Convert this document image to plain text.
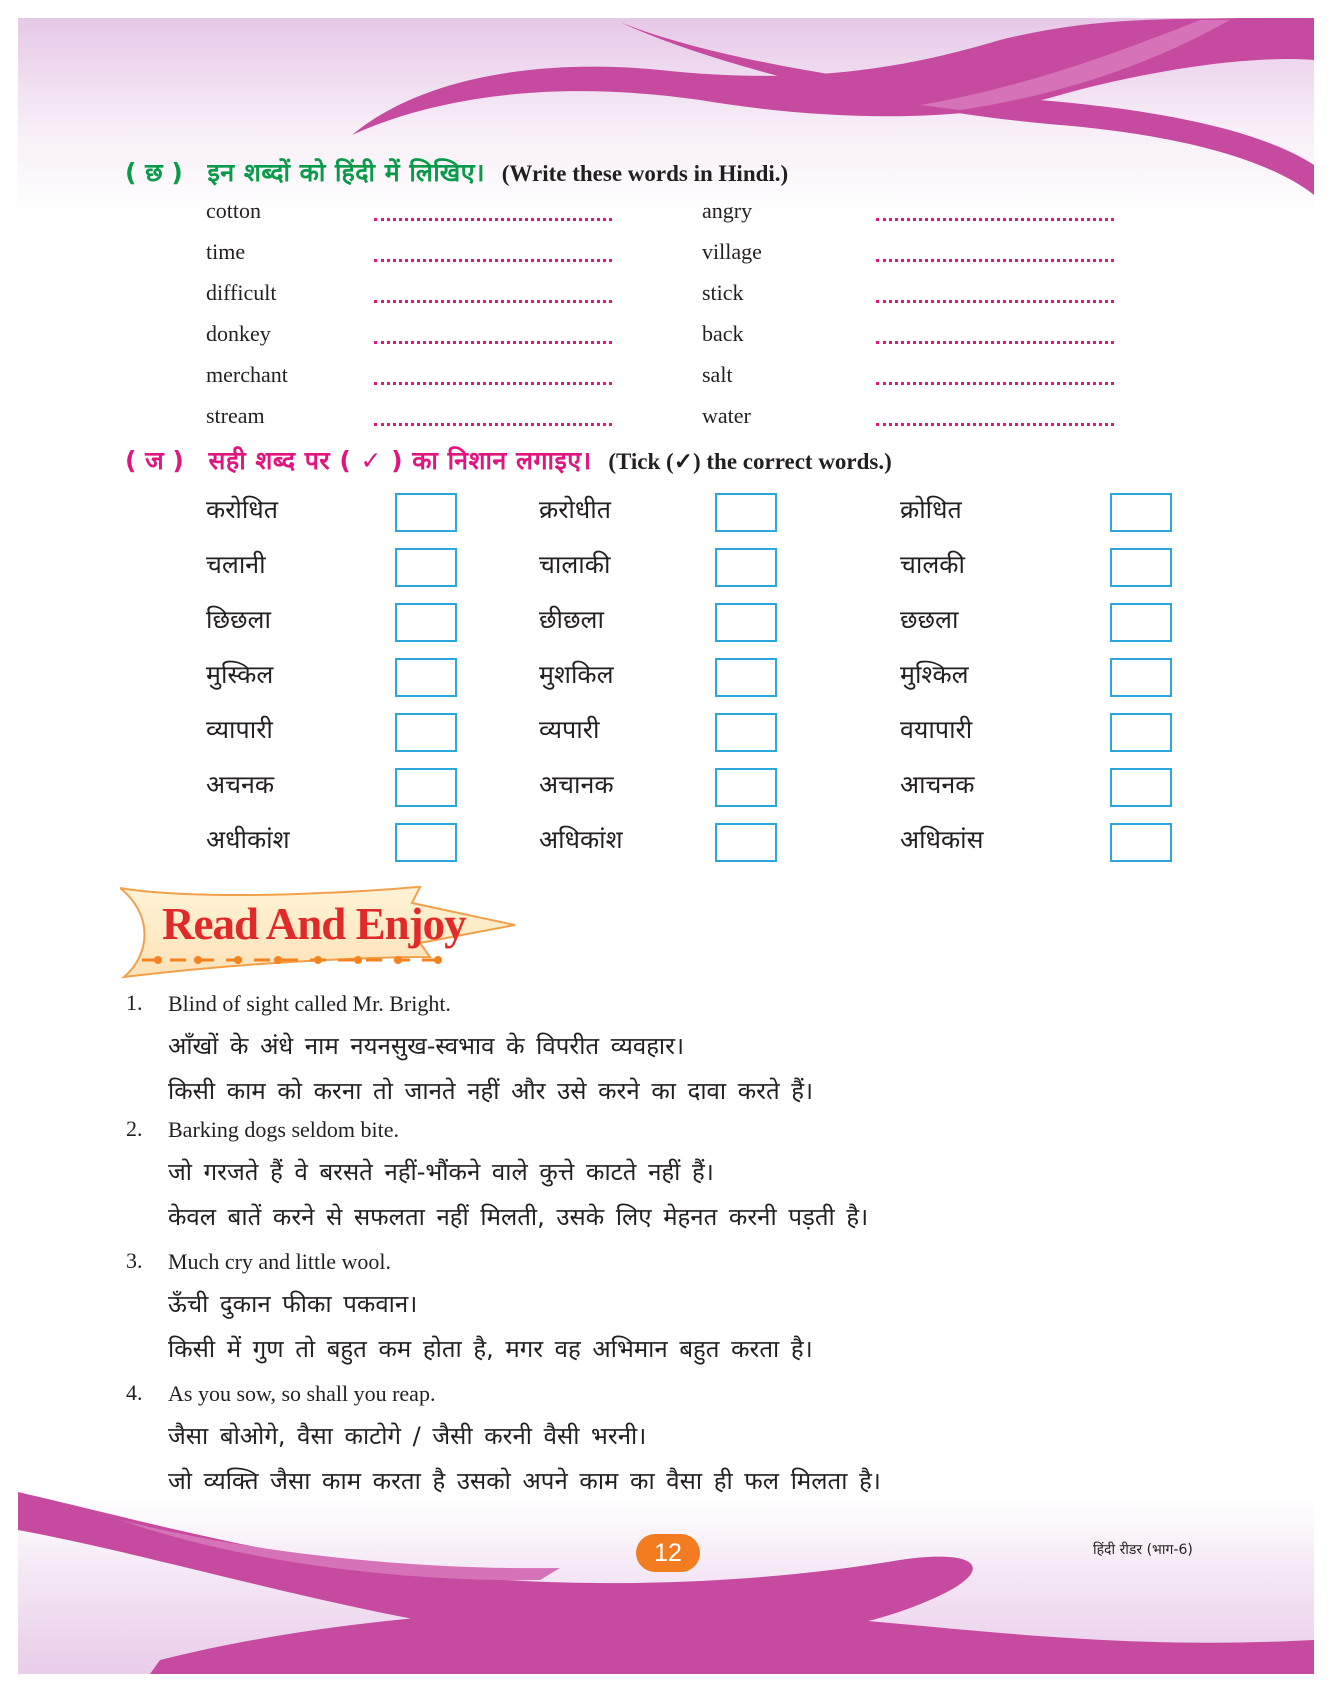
( छ ) इन शब्दों को हिंदी में लिखिए। (Write these words in Hindi.)
cotton	angry
time	village
difficult	stick
donkey	back
merchant	salt
stream	water
( ज ) सही शब्द पर ( ✓ ) का निशान लगाइए। (Tick (✓) the correct words.)
करोधित	क्ररोधीत	क्रोधित
चलानी	चालाकी	चालकी
छिछला	छीछला	छछला
मुस्किल	मुशकिल	मुश्किल
व्यापारी	व्यपारी	वयापारी
अचनक	अचानक	आचनक
अधीकांश	अधिकांश	अधिकांस
Read And Enjoy
1. Blind of sight called Mr. Bright.
आँखों के अंधे नाम नयनसुख-स्वभाव के विपरीत व्यवहार।
किसी काम को करना तो जानते नहीं और उसे करने का दावा करते हैं।
2. Barking dogs seldom bite.
जो गरजते हैं वे बरसते नहीं-भौंकने वाले कुत्ते काटते नहीं हैं।
केवल बातें करने से सफलता नहीं मिलती, उसके लिए मेहनत करनी पड़ती है।
3. Much cry and little wool.
ऊँची दुकान फीका पकवान।
किसी में गुण तो बहुत कम होता है, मगर वह अभिमान बहुत करता है।
4. As you sow, so shall you reap.
जैसा बोओगे, वैसा काटोगे / जैसी करनी वैसी भरनी।
जो व्यक्ति जैसा काम करता है उसको अपने काम का वैसा ही फल मिलता है।
12	हिंदी रीडर (भाग-6)
